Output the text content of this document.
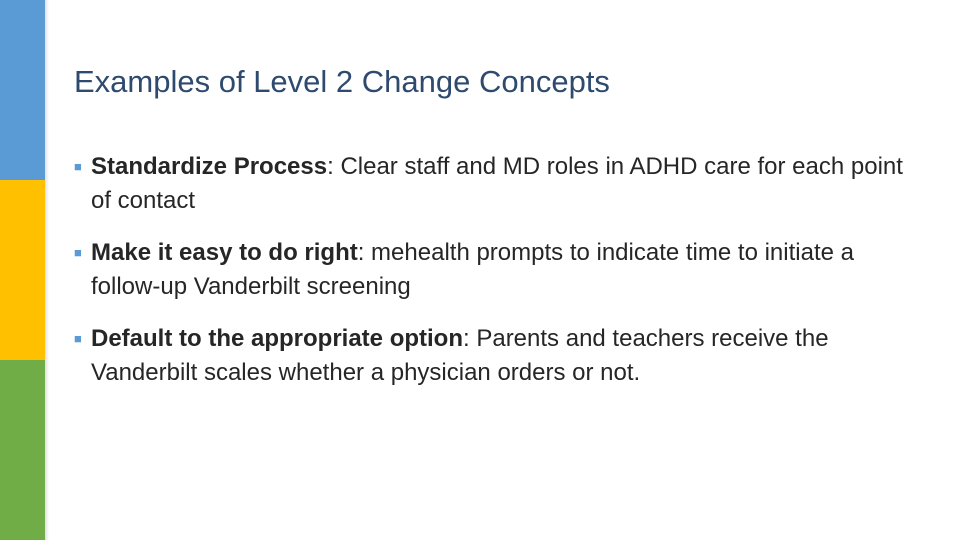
Examples of Level 2 Change Concepts
■ Standardize Process: Clear staff and MD roles in ADHD care for each point of contact
■ Make it easy to do right: mehealth prompts to indicate time to initiate a follow-up Vanderbilt screening
■ Default to the appropriate option: Parents and teachers receive the Vanderbilt scales whether a physician orders or not.
